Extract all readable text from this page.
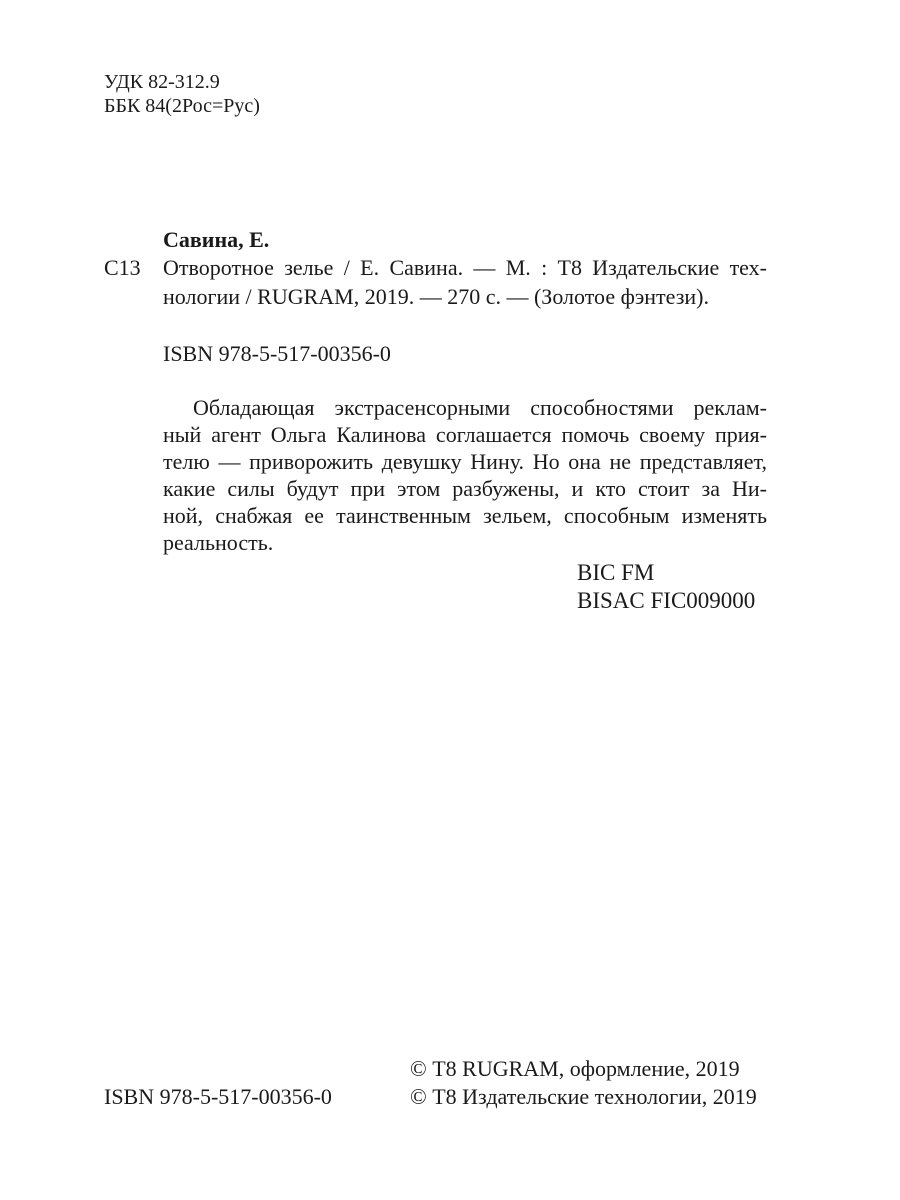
УДК 82-312.9

ББК 84(2Рос=Рус)

Савина, Е.

С13 Отворотное зелье / Е. Савина. — М. : Т8 Издательские тех-

нологии / RUGRAM, 2019. — 270 с. — (Золотое фэнтези).

ISBN 978-5-517-00356-0

Обладающая экстрасенсорными способностями реклам-
ный агент Ольга Калинова соглашается помочь своему прия-
телю — приворожить девушку Нину. Но она не представляет,
какие силы будут при этом разбужены, и кто стоит за Ни-
ной, снабжая ее таинственным зельем, способным изменять
реальность.

BIC FM

BISAC FIC009000

© Т8 RUGRAM, оформление, 2019

© Т8 Издательские технологии, 2019

ISBN 978-5-517-00356-0
